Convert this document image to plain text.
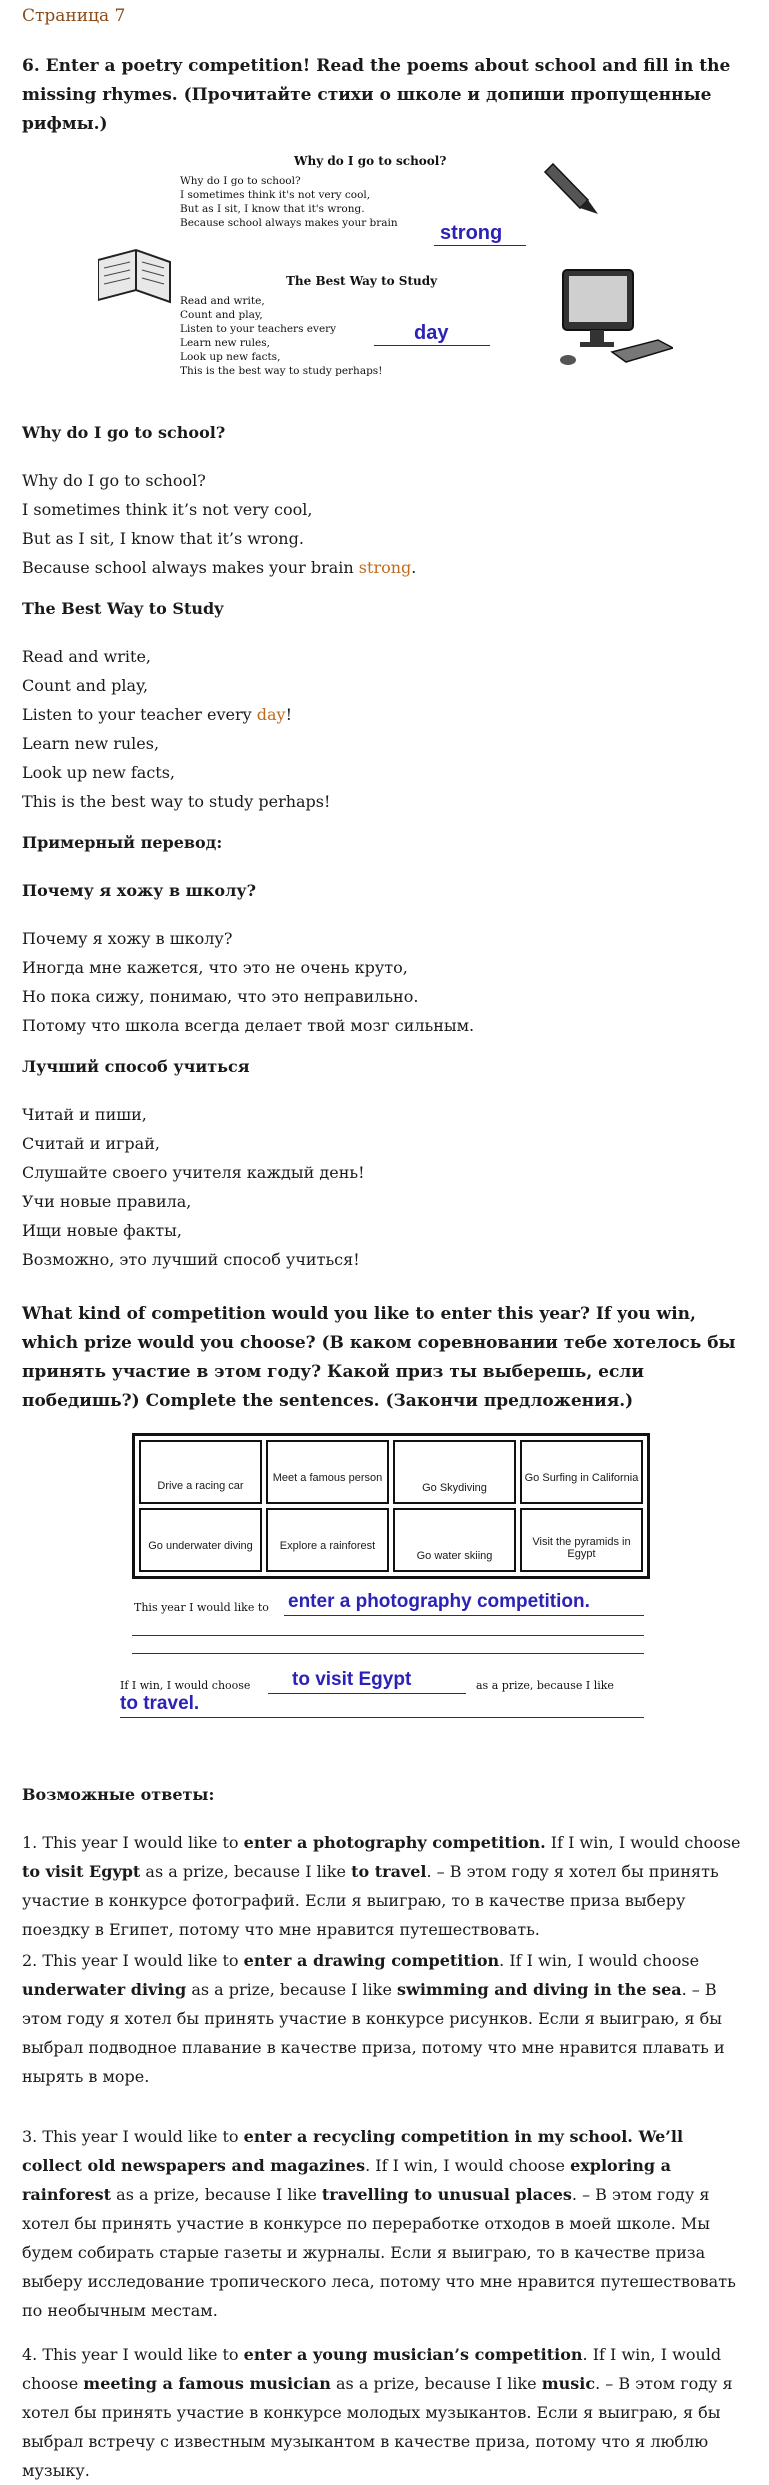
Страница 7
6. Enter a poetry competition! Read the poems about school and fill in the missing rhymes. (Прочитайте стихи о школе и допиши пропущенные рифмы.)
Why do I go to school?
Why do I go to school?
I sometimes think it's not very cool,
But as I sit, I know that it's wrong.
Because school always makes your brain strong
The Best Way to Study
Read and write,
Count and play,
Listen to your teachers every
Learn new rules,
Look up new facts,
This is the best way to study perhaps!
day
Why do I go to school?

Why do I go to school?

I sometimes think it’s not very cool,

But as I sit, I know that it’s wrong.

Because school always makes your brain strong.

The Best Way to Study

Read and write,

Count and play,

Listen to your teacher every day!

Learn new rules,

Look up new facts,

This is the best way to study perhaps!

Примерный перевод:
Почему я хожу в школу?

Почему я хожу в школу?

Иногда мне кажется, что это не очень круто,

Но пока сижу, понимаю, что это неправильно.

Потому что школа всегда делает твой мозг сильным.

Лучший способ учиться

Читай и пиши,

Считай и играй,

Слушайте своего учителя каждый день!

Учи новые правила,

Ищи новые факты,

Возможно, это лучший способ учиться!

What kind of competition would you like to enter this year? If you win, which prize would you choose? (В каком соревновании тебе хотелось бы принять участие в этом году? Какой приз ты выберешь, если победишь?) Complete the sentences. (Закончи предложения.)
Drive a racing car
Meet a famous person
Go Skydiving
Go Surfing in California
Go underwater diving	Explore a rainforest
Go water skiing
Visit the pyramids in Egypt
This year I would like to enter a photography competition.
If I win, I would choose to visit Egypt	as a prize, because I like
to travel.
Возможные ответы:
1. This year I would like to enter a photography competition. If I win, I would choose to visit Egypt as a prize, because I like to travel. – В этом году я хотел бы принять участие в конкурсе фотографий. Если я выиграю, то в качестве приза выберу поездку в Египет, потому что мне нравится путешествовать.
2. This year I would like to enter a drawing competition. If I win, I would choose underwater diving as a prize, because I like swimming and diving in the sea. – В этом году я хотел бы принять участие в конкурсе рисунков. Если я выиграю, я бы выбрал подводное плавание в качестве приза, потому что мне нравится плавать и нырять в море.
3. This year I would like to enter a recycling competition in my school. We’ll collect old newspapers and magazines. If I win, I would choose exploring a rainforest as a prize, because I like travelling to unusual places. – В этом году я хотел бы принять участие в конкурсе по переработке отходов в моей школе. Мы будем собирать старые газеты и журналы. Если я выиграю, то в качестве приза выберу исследование тропического леса, потому что мне нравится путешествовать по необычным местам.
4. This year I would like to enter a young musician’s competition. If I win, I would choose meeting a famous musician as a prize, because I like music. – В этом году я хотел бы принять участие в конкурсе молодых музыкантов. Если я выиграю, я бы выбрал встречу с известным музыкантом в качестве приза, потому что я люблю музыку.
